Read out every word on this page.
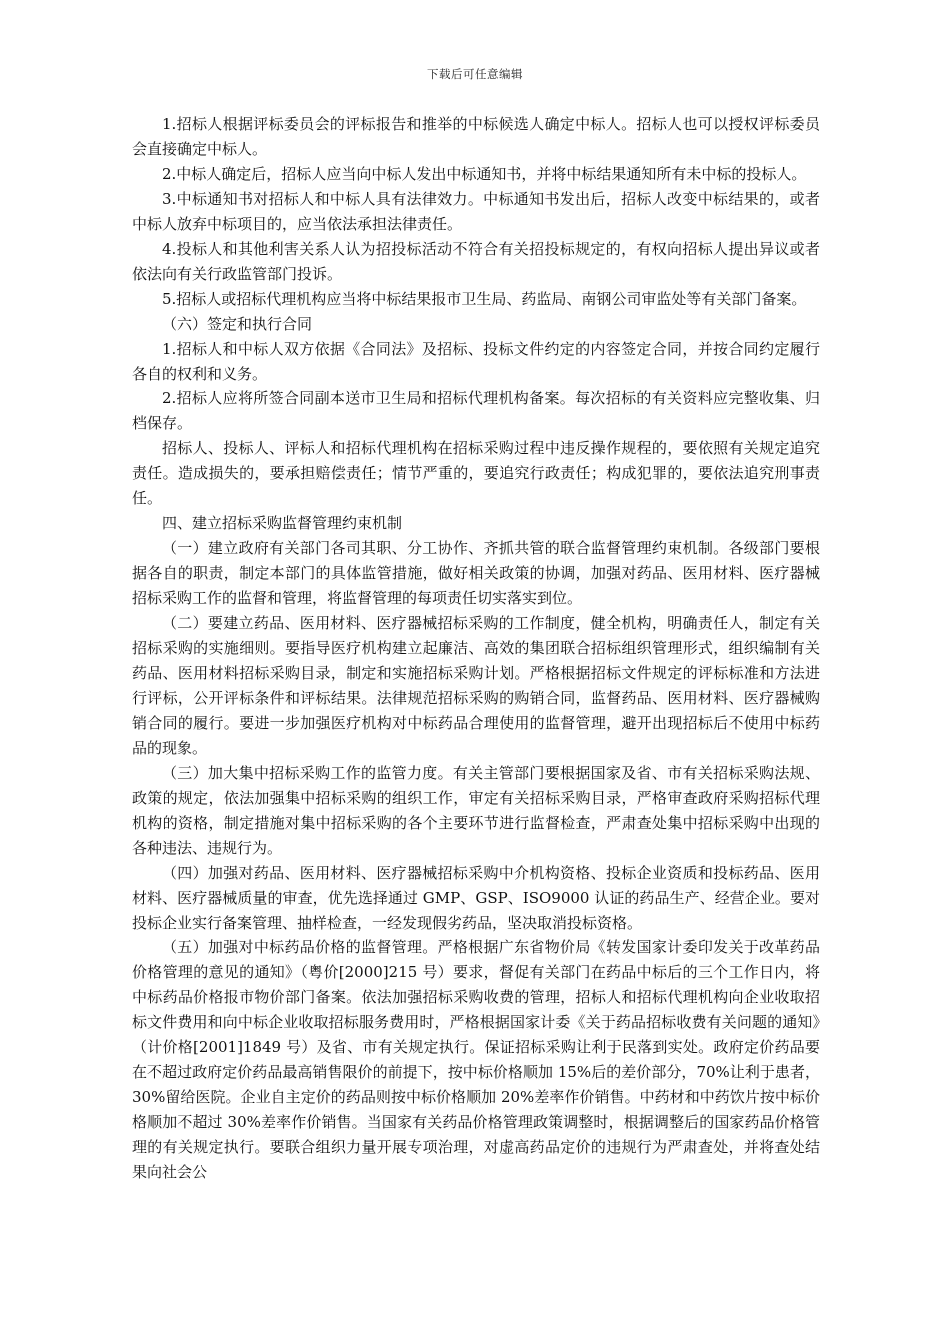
下载后可任意编辑

1.招标人根据评标委员会的评标报告和推举的中标候选人确定中标人。招标人也可以授权评标委员会直接确定中标人。

2.中标人确定后，招标人应当向中标人发出中标通知书，并将中标结果通知所有未中标的投标人。

3.中标通知书对招标人和中标人具有法律效力。中标通知书发出后，招标人改变中标结果的，或者中标人放弃中标项目的，应当依法承担法律责任。

4.投标人和其他利害关系人认为招投标活动不符合有关招投标规定的，有权向招标人提出异议或者依法向有关行政监管部门投诉。

5.招标人或招标代理机构应当将中标结果报市卫生局、药监局、南钢公司审监处等有关部门备案。

（六）签定和执行合同

1.招标人和中标人双方依据《合同法》及招标、投标文件约定的内容签定合同，并按合同约定履行各自的权利和义务。

2.招标人应将所签合同副本送市卫生局和招标代理机构备案。每次招标的有关资料应完整收集、归档保存。

招标人、投标人、评标人和招标代理机构在招标采购过程中违反操作规程的，要依照有关规定追究责任。造成损失的，要承担赔偿责任；情节严重的，要追究行政责任；构成犯罪的，要依法追究刑事责任。

四、建立招标采购监督管理约束机制

（一）建立政府有关部门各司其职、分工协作、齐抓共管的联合监督管理约束机制。各级部门要根据各自的职责，制定本部门的具体监管措施，做好相关政策的协调，加强对药品、医用材料、医疗器械招标采购工作的监督和管理，将监督管理的每项责任切实落实到位。

（二）要建立药品、医用材料、医疗器械招标采购的工作制度，健全机构，明确责任人，制定有关招标采购的实施细则。要指导医疗机构建立起廉洁、高效的集团联合招标组织管理形式，组织编制有关药品、医用材料招标采购目录，制定和实施招标采购计划。严格根据招标文件规定的评标标准和方法进行评标，公开评标条件和评标结果。法律规范招标采购的购销合同，监督药品、医用材料、医疗器械购销合同的履行。要进一步加强医疗机构对中标药品合理使用的监督管理，避开出现招标后不使用中标药品的现象。

（三）加大集中招标采购工作的监管力度。有关主管部门要根据国家及省、市有关招标采购法规、政策的规定，依法加强集中招标采购的组织工作，审定有关招标采购目录，严格审查政府采购招标代理机构的资格，制定措施对集中招标采购的各个主要环节进行监督检查，严肃查处集中招标采购中出现的各种违法、违规行为。

（四）加强对药品、医用材料、医疗器械招标采购中介机构资格、投标企业资质和投标药品、医用材料、医疗器械质量的审查，优先选择通过 GMP、GSP、ISO9000 认证的药品生产、经营企业。要对投标企业实行备案管理、抽样检查，一经发现假劣药品，坚决取消投标资格。

（五）加强对中标药品价格的监督管理。严格根据广东省物价局《转发国家计委印发关于改革药品价格管理的意见的通知》（粤价[2000]215 号）要求，督促有关部门在药品中标后的三个工作日内，将中标药品价格报市物价部门备案。依法加强招标采购收费的管理，招标人和招标代理机构向企业收取招标文件费用和向中标企业收取招标服务费用时，严格根据国家计委《关于药品招标收费有关问题的通知》（计价格[2001]1849 号）及省、市有关规定执行。保证招标采购让利于民落到实处。政府定价药品要在不超过政府定价药品最高销售限价的前提下，按中标价格顺加 15%后的差价部分，70%让利于患者，30%留给医院。企业自主定价的药品则按中标价格顺加 20%差率作价销售。中药材和中药饮片按中标价格顺加不超过 30%差率作价销售。当国家有关药品价格管理政策调整时，根据调整后的国家药品价格管理的有关规定执行。要联合组织力量开展专项治理，对虚高药品定价的违规行为严肃查处，并将查处结果向社会公
